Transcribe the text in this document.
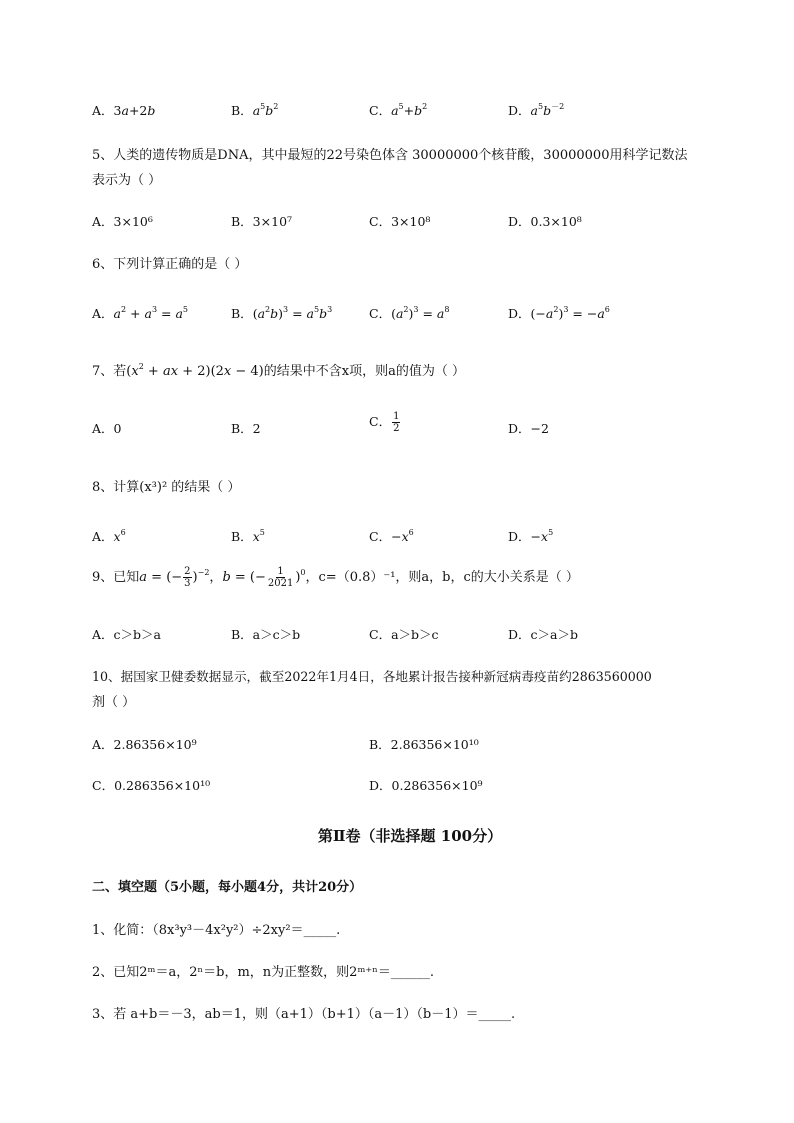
A．3a+2b	B．$a^5b^2$	C．$a^5+b^2$	D．$a^5b^{-2}$
5、人类的遗传物质是DNA，其中最短的22号染色体含 30000000个核苷酸，30000000用科学记数法
表示为（ ）
A．3×10⁶	B．3×10⁷	C．3×10⁸	D．0.3×10⁸
6、下列计算正确的是（ ）
A．$a^2 + a^3 = a^5$	B．$(a^2b)^3 = a^5b^3$	C．$(a^2)^3 = a^8$	D．$(-a^2)^3 = -a^6$
7、若($x^2$ + ax + 2)(2x − 4)的结果中不含x项，则a的值为（ ）
A．0	B．2	C． $\frac{1}{2}$	D．−2
8、计算(x³)² 的结果（ ）
A．$x^6$	B．$x^5$	C．$-x^6$	D．$-x^5$
9、已知a = (− $\frac{2}{3} )^{-2}$，b = (− $\frac{1}{2021} )^0$，c=（0.8）⁻¹，则a，b，c的大小关系是（ ）
A．c＞b＞a	B．a＞c＞b	C．a＞b＞c	D．c＞a＞b
10、据国家卫健委数据显示，截至2022年1月4日，各地累计报告接种新冠病毒疫苗约2863560000
剂（ ）
A．2.86356×10⁹	B．2.86356×10¹⁰
C．0.286356×10¹⁰	D．0.286356×10⁹
第Ⅱ卷（非选择题 100分）
二、填空题（5小题，每小题4分，共计20分）
1、化简：（8x³y³－4x²y²）÷2xy²＝_____.
2、已知2ᵐ＝a，2ⁿ＝b，m，n为正整数，则2ᵐ⁺ⁿ＝______.
3、若 a+b＝－3，ab＝1，则（a+1）（b+1）（a－1）（b－1）＝_____.
